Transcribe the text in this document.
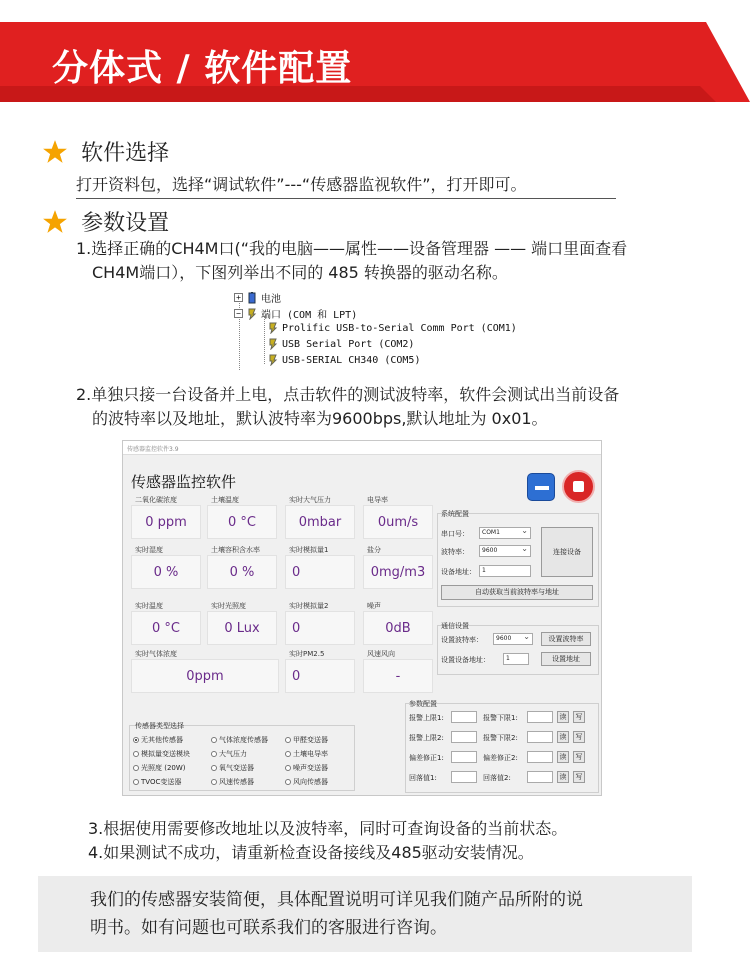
分体式 / 软件配置
软件选择
打开资料包，选择“调试软件”---“传感器监视软件”，打开即可。
参数设置
1.选择正确的CH4M口(“我的电脑——属性——设备管理器 —— 端口里面查看
CH4M端口），下图列举出不同的 485 转换器的驱动名称。
+ 电池
− 端口 (COM 和 LPT)
Prolific USB-to-Serial Comm Port (COM1)
USB Serial Port (COM2)
USB-SERIAL CH340 (COM5)
2.单独只接一台设备并上电，点击软件的测试波特率，软件会测试出当前设备
的波特率以及地址，默认波特率为9600bps,默认地址为 0x01。
传感器监控软件3.9
传感器监控软件
二氧化碳浓度
0 ppm
土壤温度
0 °C
实时大气压力
0mbar
电导率
0um/s
实时湿度
0 %
土壤容积含水率
0 %
实时模拟量1
0
盐分
0mg/m3
实时温度
0 °C
实时光照度
0 Lux
实时模拟量2
0
噪声
0dB
实时气体浓度
0ppm
实时PM2.5
0
风速风向
-
系统配置
串口号：	COM1 ⌄
波特率：	9600 ⌄
设备地址：	1
连接设备
自动获取当前波特率与地址
通信设置
设置波特率：	9600 ⌄	设置波特率
设置设备地址：	1	设置地址
参数配置
报警上限1:	报警下限1:	读	写
报警上限2:	报警下限2:	读	写
偏差修正1:	偏差修正2:	读	写
回落值1:	回落值2:	读	写
传感器类型选择
无其他传感器	气体浓度传感器	甲醛变送器
模拟量变送模块	大气压力	土壤电导率
光照度 (20W)	氧气变送器	噪声变送器
TVOC变送器	风速传感器	风向传感器
3.根据使用需要修改地址以及波特率，同时可查询设备的当前状态。
4.如果测试不成功，请重新检查设备接线及485驱动安装情况。
我们的传感器安装简便，具体配置说明可详见我们随产品所附的说
明书。如有问题也可联系我们的客服进行咨询。
